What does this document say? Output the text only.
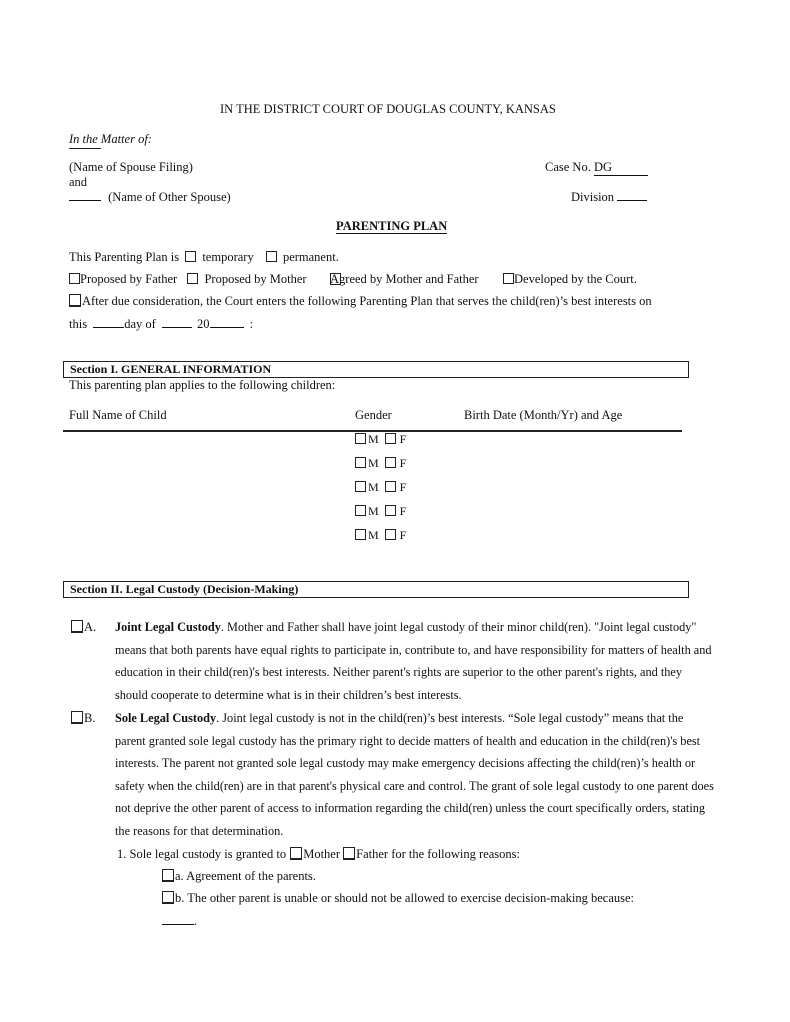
IN THE DISTRICT COURT OF DOUGLAS COUNTY, KANSAS
In the Matter of:
(Name of Spouse Filing)
and
(Name of Other Spouse)
Case No. DG
Division
PARENTING PLAN
This Parenting Plan is temporary permanent.
Proposed by Father Proposed by Mother Agreed by Mother and Father	Developed by the Court.
After due consideration, the Court enters the following Parenting Plan that serves the child(ren)’s best interests on
this	day of	20	:
Section I. GENERAL INFORMATION
This parenting plan applies to the following children:
Full Name of Child	Gender	Birth Date (Month/Yr) and Age
M F
M F
M F
M F
M F
Section II. Legal Custody (Decision-Making)
A. Joint Legal Custody. Mother and Father shall have joint legal custody of their minor child(ren). "Joint legal custody" means that both parents have equal rights to participate in, contribute to, and have responsibility for matters of health and education in their child(ren)'s best interests. Neither parent's rights are superior to the other parent's rights, and they should cooperate to determine what is in their children’s best interests.
B. Sole Legal Custody. Joint legal custody is not in the child(ren)’s best interests. “Sole legal custody” means that the parent granted sole legal custody has the primary right to decide matters of health and education in the child(ren)'s best interests. The parent not granted sole legal custody may make emergency decisions affecting the child(ren)’s health or safety when the child(ren) are in that parent's physical care and control. The grant of sole legal custody to one parent does not deprive the other parent of access to information regarding the child(ren) unless the court specifically orders, stating the reasons for that determination.
1. Sole legal custody is granted to Mother Father for the following reasons:
a. Agreement of the parents.
b. The other parent is unable or should not be allowed to exercise decision-making because:
.
